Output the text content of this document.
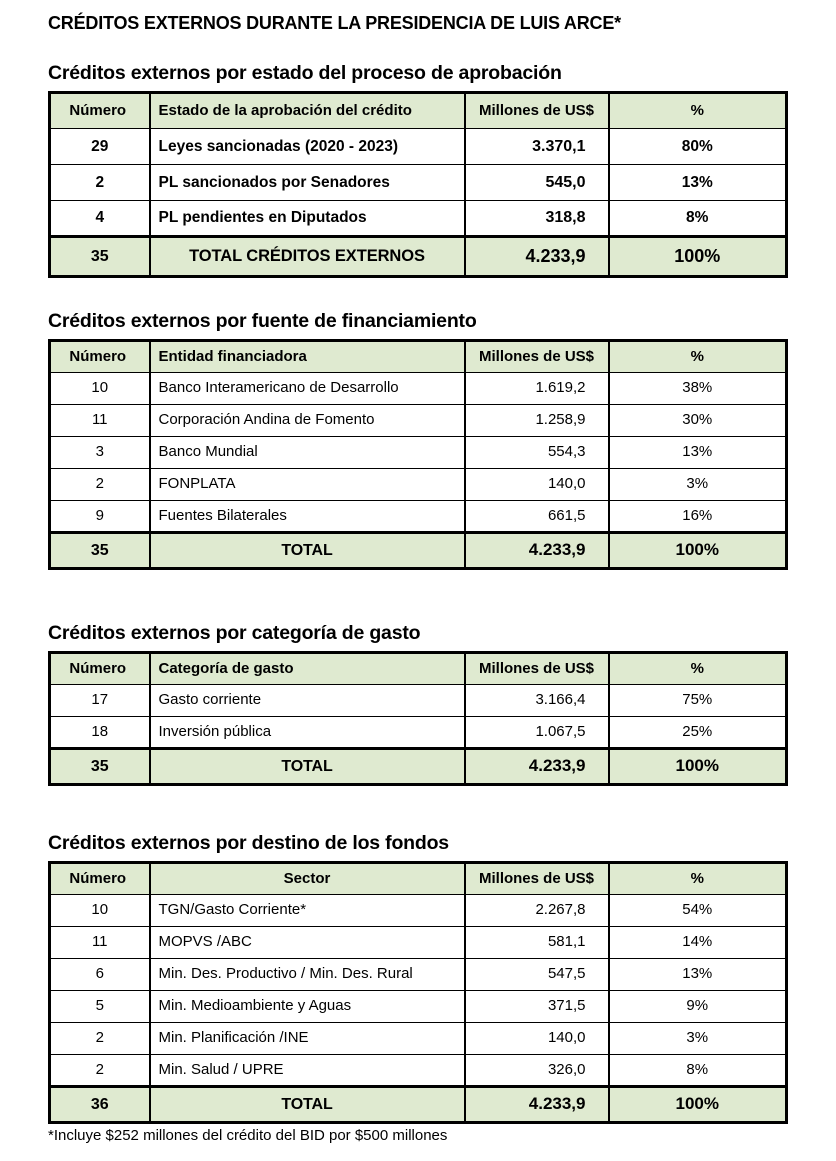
CRÉDITOS EXTERNOS DURANTE LA PRESIDENCIA DE LUIS ARCE*
Créditos externos por estado del proceso de aprobación
Número	Estado de la aprobación del crédito	Millones de US$	%
29	Leyes sancionadas (2020 - 2023)	3.370,1	80%
2	PL sancionados por Senadores	545,0	13%
4	PL pendientes en Diputados	318,8	8%
35	TOTAL CRÉDITOS EXTERNOS	4.233,9	100%
Créditos externos por fuente de financiamiento
Número	Entidad financiadora	Millones de US$	%
10	Banco Interamericano de Desarrollo	1.619,2	38%
11	Corporación Andina de Fomento	1.258,9	30%
3	Banco Mundial	554,3	13%
2	FONPLATA	140,0	3%
9	Fuentes Bilaterales	661,5	16%
35	TOTAL	4.233,9	100%
Créditos externos por categoría de gasto
Número	Categoría de gasto	Millones de US$	%
17	Gasto corriente	3.166,4	75%
18	Inversión pública	1.067,5	25%
35	TOTAL	4.233,9	100%
Créditos externos por destino de los fondos
Número	Sector	Millones de US$	%
10	TGN/Gasto Corriente*	2.267,8	54%
11	MOPVS /ABC	581,1	14%
6	Min. Des. Productivo / Min. Des. Rural	547,5	13%
5	Min. Medioambiente y Aguas	371,5	9%
2	Min. Planificación /INE	140,0	3%
2	Min. Salud / UPRE	326,0	8%
36	TOTAL	4.233,9	100%
*Incluye $252 millones del crédito del BID por $500 millones
